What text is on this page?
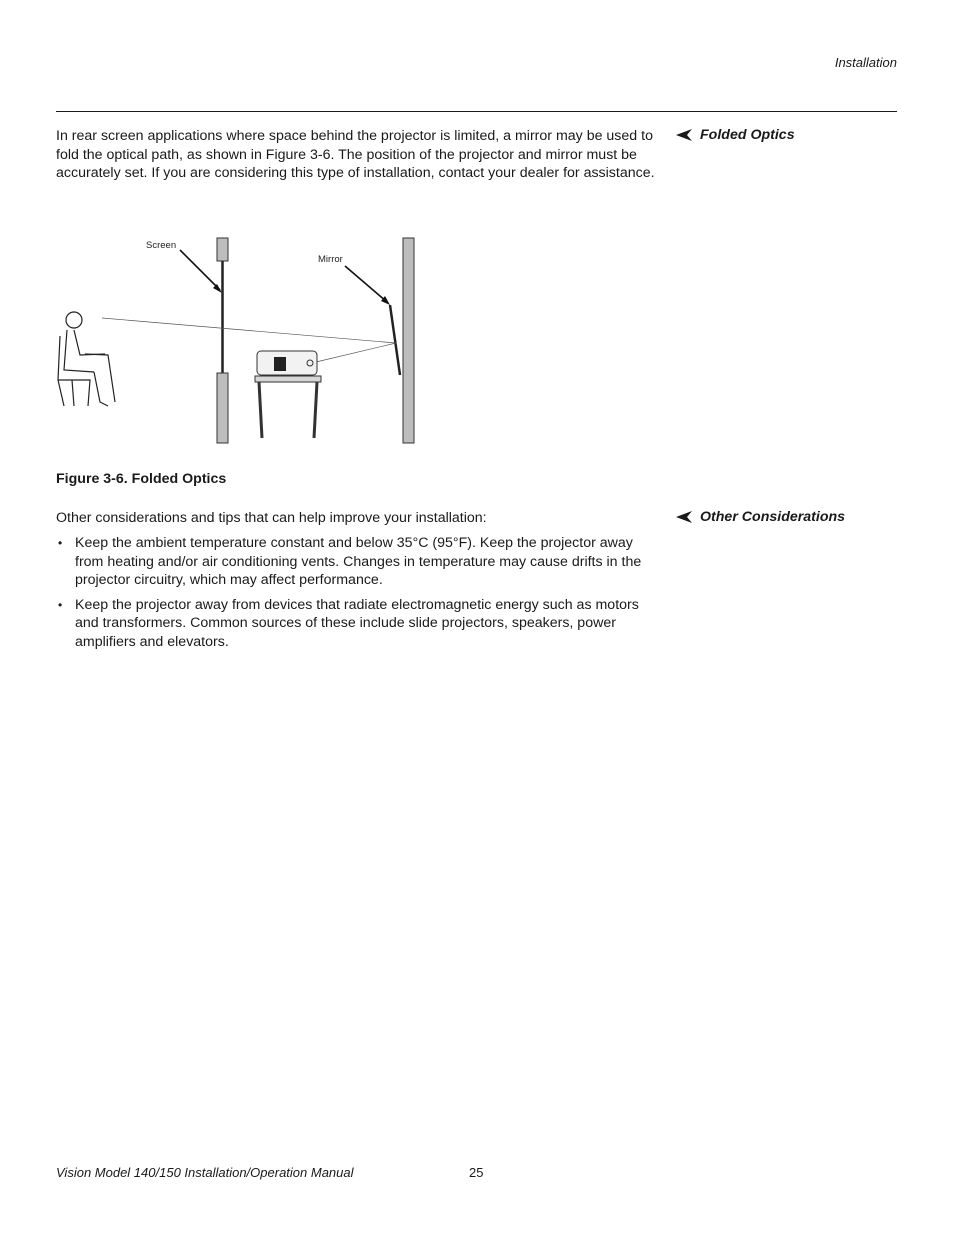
Installation
Folded Optics

In rear screen applications where space behind the projector is limited, a mirror may be used to fold the optical path, as shown in Figure 3-6. The position of the projector and mirror must be accurately set. If you are considering this type of installation, contact your dealer for assistance.

Screen
Mirror
Figure 3-6. Folded Optics
Other Considerations

Other considerations and tips that can help improve your installation:

• Keep the ambient temperature constant and below 35°C (95°F). Keep the projector away from heating and/or air conditioning vents. Changes in temperature may cause drifts in the projector circuitry, which may affect performance.
• Keep the projector away from devices that radiate electromagnetic energy such as motors and transformers. Common sources of these include slide projectors, speakers, power amplifiers and elevators.
Vision Model 140/150 Installation/Operation Manual	25
